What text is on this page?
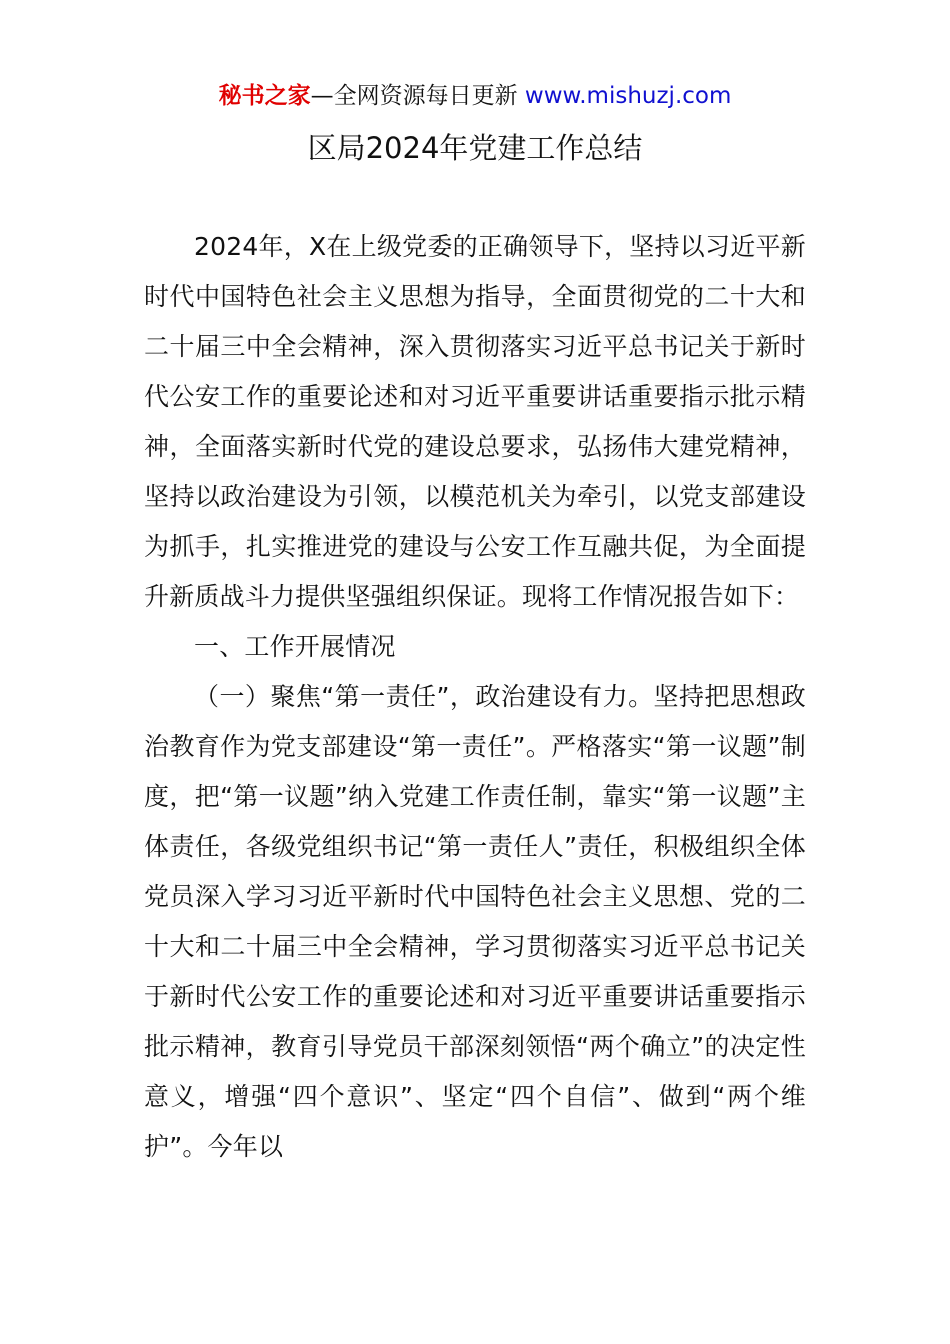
秘书之家—全网资源每日更新 www.mishuzj.com
区局2024年党建工作总结

2024年，X在上级党委的正确领导下，坚持以习近平新时代中国特色社会主义思想为指导，全面贯彻党的二十大和二十届三中全会精神，深入贯彻落实习近平总书记关于新时代公安工作的重要论述和对习近平重要讲话重要指示批示精神，全面落实新时代党的建设总要求，弘扬伟大建党精神，坚持以政治建设为引领，以模范机关为牵引，以党支部建设为抓手，扎实推进党的建设与公安工作互融共促，为全面提升新质战斗力提供坚强组织保证。现将工作情况报告如下：

一、工作开展情况

（一）聚焦“第一责任”，政治建设有力。坚持把思想政治教育作为党支部建设“第一责任”。严格落实“第一议题”制度，把“第一议题”纳入党建工作责任制，靠实“第一议题”主体责任，各级党组织书记“第一责任人”责任，积极组织全体党员深入学习习近平新时代中国特色社会主义思想、党的二十大和二十届三中全会精神，学习贯彻落实习近平总书记关于新时代公安工作的重要论述和对习近平重要讲话重要指示批示精神，教育引导党员干部深刻领悟“两个确立”的决定性意义，增强“四个意识”、坚定“四个自信”、做到“两个维护”。今年以
